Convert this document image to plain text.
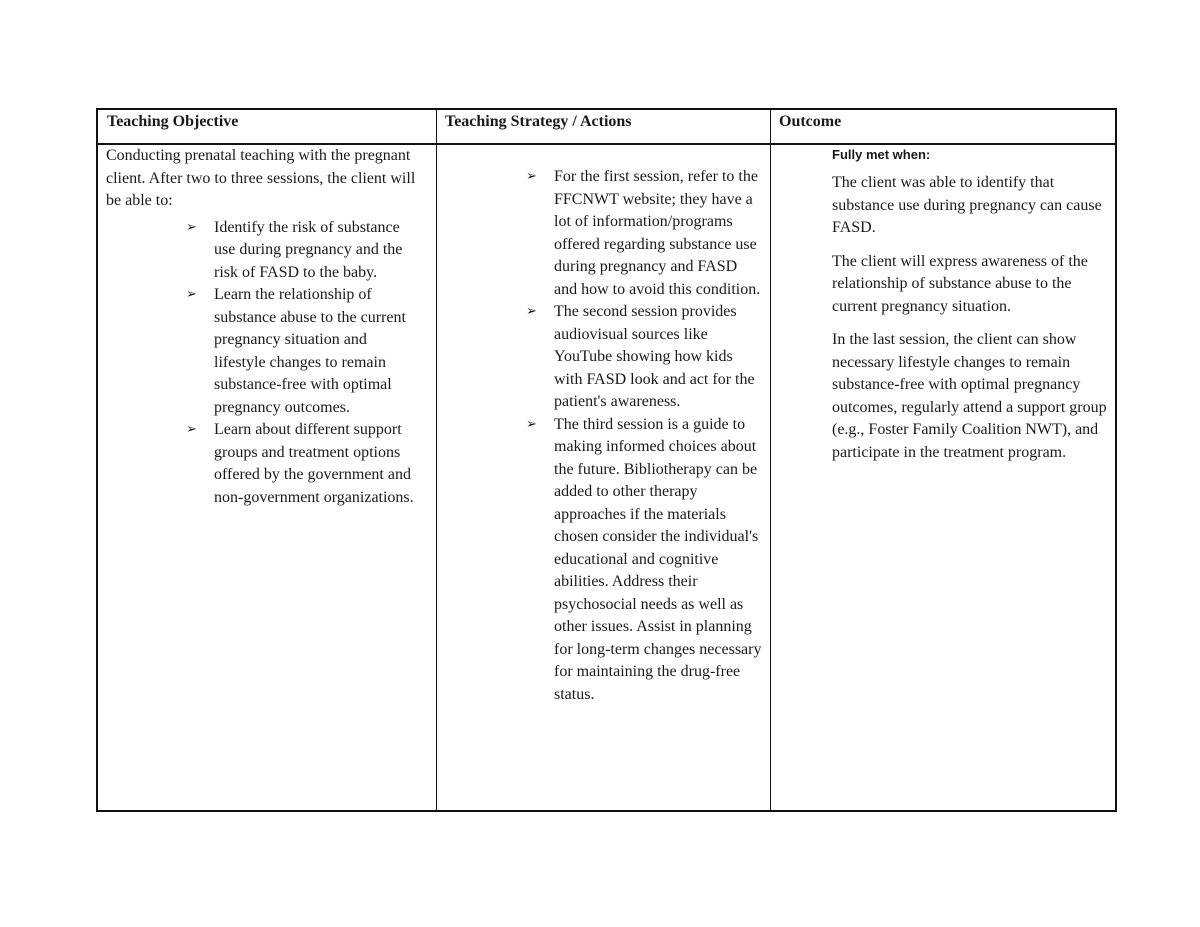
Teaching Objective	Teaching Strategy / Actions	Outcome

Conducting prenatal teaching with the pregnant client. After two to three sessions, the client will be able to:

➢ Identify the risk of substance use during pregnancy and the risk of FASD to the baby.
➢ Learn the relationship of substance abuse to the current pregnancy situation and lifestyle changes to remain substance-free with optimal pregnancy outcomes.
➢ Learn about different support groups and treatment options offered by the government and non-government organizations.
➢ For the first session, refer to the FFCNWT website; they have a lot of information/programs offered regarding substance use during pregnancy and FASD and how to avoid this condition.
➢ The second session provides audiovisual sources like YouTube showing how kids with FASD look and act for the patient's awareness.
➢ The third session is a guide to making informed choices about the future. Bibliotherapy can be added to other therapy approaches if the materials chosen consider the individual's educational and cognitive abilities. Address their psychosocial needs as well as other issues. Assist in planning for long-term changes necessary for maintaining the drug-free status.

Fully met when:

The client was able to identify that substance use during pregnancy can cause FASD.

The client will express awareness of the relationship of substance abuse to the current pregnancy situation.

In the last session, the client can show necessary lifestyle changes to remain substance-free with optimal pregnancy outcomes, regularly attend a support group (e.g., Foster Family Coalition NWT), and participate in the treatment program.
